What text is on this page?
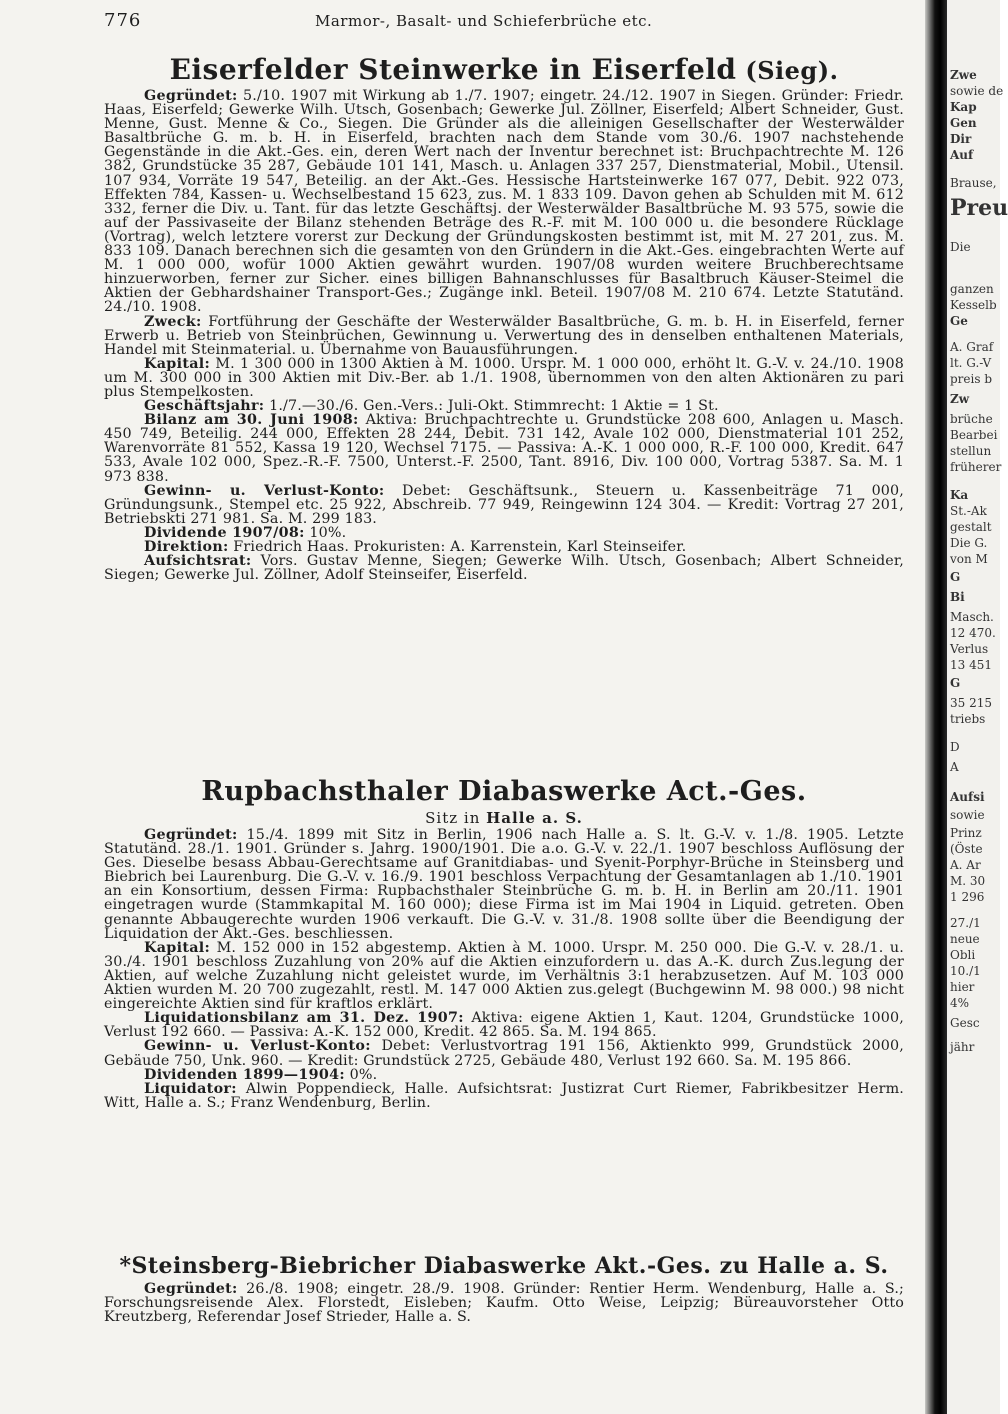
776	Marmor-, Basalt- und Schieferbrüche etc.
Eiserfelder Steinwerke in Eiserfeld (Sieg).

Gegründet: 5./10. 1907 mit Wirkung ab 1./7. 1907; eingetr. 24./12. 1907 in Siegen. Gründer: Friedr. Haas, Eiserfeld; Gewerke Wilh. Utsch, Gosenbach; Gewerke Jul. Zöllner, Eiserfeld; Albert Schneider, Gust. Menne, Gust. Menne & Co., Siegen. Die Gründer als die alleinigen Gesellschafter der Westerwälder Basaltbrüche G. m. b. H. in Eiserfeld, brachten nach dem Stande vom 30./6. 1907 nachstehende Gegenstände in die Akt.-Ges. ein, deren Wert nach der Inventur berechnet ist: Bruchpachtrechte M. 126 382, Grundstücke 35 287, Gebäude 101 141, Masch. u. Anlagen 337 257, Dienstmaterial, Mobil., Utensil. 107 934, Vorräte 19 547, Beteilig. an der Akt.-Ges. Hessische Hartsteinwerke 167 077, Debit. 922 073, Effekten 784, Kassen- u. Wechselbestand 15 623, zus. M. 1 833 109. Davon gehen ab Schulden mit M. 612 332, ferner die Div. u. Tant. für das letzte Geschäftsj. der Westerwälder Basaltbrüche M. 93 575, sowie die auf der Passivaseite der Bilanz stehenden Beträge des R.-F. mit M. 100 000 u. die besondere Rücklage (Vortrag), welch letztere vorerst zur Deckung der Gründungskosten bestimmt ist, mit M. 27 201, zus. M. 833 109. Danach berechnen sich die gesamten von den Gründern in die Akt.-Ges. eingebrachten Werte auf M. 1 000 000, wofür 1000 Aktien gewährt wurden. 1907/08 wurden weitere Bruchberechtsame hinzuerworben, ferner zur Sicher. eines billigen Bahnanschlusses für Basaltbruch Käuser-Steimel die Aktien der Gebhardshainer Transport-Ges.; Zugänge inkl. Beteil. 1907/08 M. 210 674. Letzte Statutänd. 24./10. 1908.

Zweck: Fortführung der Geschäfte der Westerwälder Basaltbrüche, G. m. b. H. in Eiserfeld, ferner Erwerb u. Betrieb von Steinbrüchen, Gewinnung u. Verwertung des in denselben enthaltenen Materials, Handel mit Steinmaterial. u. Übernahme von Bauausführungen.

Kapital: M. 1 300 000 in 1300 Aktien à M. 1000. Urspr. M. 1 000 000, erhöht lt. G.-V. v. 24./10. 1908 um M. 300 000 in 300 Aktien mit Div.-Ber. ab 1./1. 1908, übernommen von den alten Aktionären zu pari plus Stempelkosten.

Geschäftsjahr: 1./7.—30./6. Gen.-Vers.: Juli-Okt. Stimmrecht: 1 Aktie = 1 St.

Bilanz am 30. Juni 1908: Aktiva: Bruchpachtrechte u. Grundstücke 208 600, Anlagen u. Masch. 450 749, Beteilig. 244 000, Effekten 28 244, Debit. 731 142, Avale 102 000, Dienstmaterial 101 252, Warenvorräte 81 552, Kassa 19 120, Wechsel 7175. — Passiva: A.-K. 1 000 000, R.-F. 100 000, Kredit. 647 533, Avale 102 000, Spez.-R.-F. 7500, Unterst.-F. 2500, Tant. 8916, Div. 100 000, Vortrag 5387. Sa. M. 1 973 838.

Gewinn- u. Verlust-Konto: Debet: Geschäftsunk., Steuern u. Kassenbeiträge 71 000, Gründungsunk., Stempel etc. 25 922, Abschreib. 77 949, Reingewinn 124 304. — Kredit: Vortrag 27 201, Betriebskti 271 981. Sa. M. 299 183.

Dividende 1907/08: 10%.

Direktion: Friedrich Haas. Prokuristen: A. Karrenstein, Karl Steinseifer.

Aufsichtsrat: Vors. Gustav Menne, Siegen; Gewerke Wilh. Utsch, Gosenbach; Albert Schneider, Siegen; Gewerke Jul. Zöllner, Adolf Steinseifer, Eiserfeld.

Rupbachsthaler Diabaswerke Act.-Ges.
Sitz in Halle a. S.

Gegründet: 15./4. 1899 mit Sitz in Berlin, 1906 nach Halle a. S. lt. G.-V. v. 1./8. 1905. Letzte Statutänd. 28./1. 1901. Gründer s. Jahrg. 1900/1901. Die a.o. G.-V. v. 22./1. 1907 beschloss Auflösung der Ges. Dieselbe besass Abbau-Gerechtsame auf Granitdiabas- und Syenit-Porphyr-Brüche in Steinsberg und Biebrich bei Laurenburg. Die G.-V. v. 16./9. 1901 beschloss Verpachtung der Gesamtanlagen ab 1./10. 1901 an ein Konsortium, dessen Firma: Rupbachsthaler Steinbrüche G. m. b. H. in Berlin am 20./11. 1901 eingetragen wurde (Stammkapital M. 160 000); diese Firma ist im Mai 1904 in Liquid. getreten. Oben genannte Abbaugerechte wurden 1906 verkauft. Die G.-V. v. 31./8. 1908 sollte über die Beendigung der Liquidation der Akt.-Ges. beschliessen.

Kapital: M. 152 000 in 152 abgestemp. Aktien à M. 1000. Urspr. M. 250 000. Die G.-V. v. 28./1. u. 30./4. 1901 beschloss Zuzahlung von 20% auf die Aktien einzufordern u. das A.-K. durch Zus.legung der Aktien, auf welche Zuzahlung nicht geleistet wurde, im Verhältnis 3:1 herabzusetzen. Auf M. 103 000 Aktien wurden M. 20 700 zugezahlt, restl. M. 147 000 Aktien zus.gelegt (Buchgewinn M. 98 000.) 98 nicht eingereichte Aktien sind für kraftlos erklärt.

Liquidationsbilanz am 31. Dez. 1907: Aktiva: eigene Aktien 1, Kaut. 1204, Grundstücke 1000, Verlust 192 660. — Passiva: A.-K. 152 000, Kredit. 42 865. Sa. M. 194 865.

Gewinn- u. Verlust-Konto: Debet: Verlustvortrag 191 156, Aktienkto 999, Grundstück 2000, Gebäude 750, Unk. 960. — Kredit: Grundstück 2725, Gebäude 480, Verlust 192 660. Sa. M. 195 866.

Dividenden 1899—1904: 0%.

Liquidator: Alwin Poppendieck, Halle. Aufsichtsrat: Justizrat Curt Riemer, Fabrikbesitzer Herm. Witt, Halle a. S.; Franz Wendenburg, Berlin.

*Steinsberg-Biebricher Diabaswerke Akt.-Ges. zu Halle a. S.

Gegründet: 26./8. 1908; eingetr. 28./9. 1908. Gründer: Rentier Herm. Wendenburg, Halle a. S.; Forschungsreisende Alex. Florstedt, Eisleben; Kaufm. Otto Weise, Leipzig; Büreauvorsteher Otto Kreutzberg, Referendar Josef Strieder, Halle a. S.

Zwe
sowie de
Kap
Gen
Dir
Auf
Brause,
Preu
Die
ganzen
Kesselb
Ge
A. Graf
lt. G.-V
preis b
Zw
brüche
Bearbei
stellun
früherer
Ka
St.-Ak
gestalt
Die G.
von M
G
Bi
Masch.
12 470.
Verlus
13 451
G
35 215
triebs
D
A
Aufsi
sowie
Prinz
(Öste
A. Ar
M. 30
1 296
27./1
neue
Obli
10./1
hier
4%
Gesc
jähr
